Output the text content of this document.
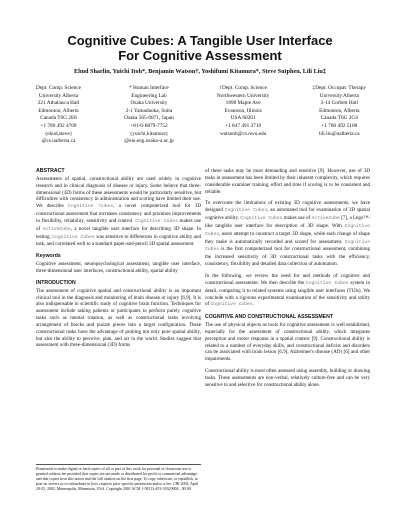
Cognitive Cubes: A Tangible User Interface
For Cognitive Assessment
Ehud Sharlin, Yuichi Itoh*, Benjamin Watson†, Yoshifumi Kitamura*, Steve Sutphen, Lili Liu‡
Dept. Comp. Science
University Alberta
221 Athabasca Hall
Edmonton, Alberta
Canada T6G 2E8
+1 780 492 4768
{ehud,steve}
@cs.ualberta.ca
* Human Interface
Engineering Lab
Osaka University
2-1 Yamadaoka, Suita
Osaka 565-0871, Japan
+81-6-6879-7752
{yuichi,kitamura}
@eie.eng.osaka-u.ac.jp
†Dept. Comp. Science
Northwestern University
1890 Maple Ave
Evanston, Illinois
USA 60201
+1 847 491 3710
watsonb@cs.nwu.edu
‡Dept. Occupat. Therapy
University Alberta
3-14 Corbett Hall
Edmonton, Alberta
Canada T6G 2G4
+1 780 492 5108
lili.liu@ualberta.ca
ABSTRACT

Assessments of spatial, constructional ability are used widely in cognitive research and in clinical diagnosis of disease or injury. Some believe that three-dimensional (3D) forms of these assessments would be particularly sensitive, but difficulties with consistency in administration and scoring have limited their use. We describe Cognitive Cubes, a novel computerized tool for 3D constructional assessment that increases consistency and promises improvements in flexibility, reliability, sensitivity and control. Cognitive Cubes makes use of ActiveCube, a novel tangible user interface for describing 3D shape. In testing, Cognitive Cubes was sensitive to differences in cognitive ability and task, and correlated well to a standard paper-and-pencil 3D spatial assessment.

Keywords

Cognitive assessment, neuropsychological assessment, tangible user interface, three-dimensional user interfaces, constructional ability, spatial ability

INTRODUCTION

The assessment of cognitive spatial and constructional ability is an important clinical tool in the diagnosis and monitoring of brain disease or injury [6,9]. It is also indispensable in scientific study of cognitive brain function. Techniques for assessment include asking patients or participants to perform purely cognitive tasks such as mental rotation, as well as constructional tasks involving arrangement of blocks and puzzle pieces into a target configuration. These constructional tasks have the advantage of probing not only pure spatial ability, but also the ability to perceive, plan, and act in the world. Studies suggest that assessment with three-dimensional (3D) forms

Permission to make digital or hard copies of all or part of this work for personal or classroom use is granted without fee provided that copies are not made or distributed for profit or commercial advantage and that copies bear this notice and the full citation on the first page. To copy otherwise, or republish, to post on servers or to redistribute to lists, requires prior specific permission and/or a fee. CHI 2002, April 20-25, 2002, Minneapolis, Minnesota, USA. Copyright 2001 ACM 1-58113-453-3/02/0004…$5.00.

of these tasks may be most demanding and sensitive [9]. However, use of 3D tasks in assessment has been limited by their inherent complexity, which requires considerable examiner training, effort and time if scoring is to be consistent and reliable.

To overcome the limitations of existing 3D cognitive assessments, we have designed Cognitive Cubes, an automated tool for examination of 3D spatial cognitive ability. Cognitive Cubes makes use of ActiveCube [7], a Lego™-like tangible user interface for description of 3D shape. With Cognitive Cubes, users attempt to construct a target 3D shape, while each change of shape they make is automatically recorded and scored for assessment. Cognitive Cubes is the first computerized tool for constructional assessment, combining the increased sensitivity of 3D constructional tasks with the efficiency, consistency, flexibility and detailed data collection of automation.

In the following, we review the need for and methods of cognitive and constructional assessment. We then describe the Cognitive Cubes system in detail, comparing it to related systems using tangible user interfaces (TUIs). We conclude with a rigorous experimental examination of the sensitivity and utility of Cognitive Cubes.

COGNITIVE AND CONSTRUCTIONAL ASSESSMENT

The use of physical objects as tools for cognitive assessment is well established, especially for the assessment of constructional ability, which integrates perception and motor response in a spatial context [9]. Constructional ability is related to a number of everyday skills, and constructional deficits and disorders can be associated with brain lesion [6,9], Alzheimer's disease (AD) [6] and other impairments.

Constructional ability is most often assessed using assembly, building or drawing tasks. These assessments are non-verbal, relatively culture-free and can be very sensitive to and selective for constructional ability alone.
